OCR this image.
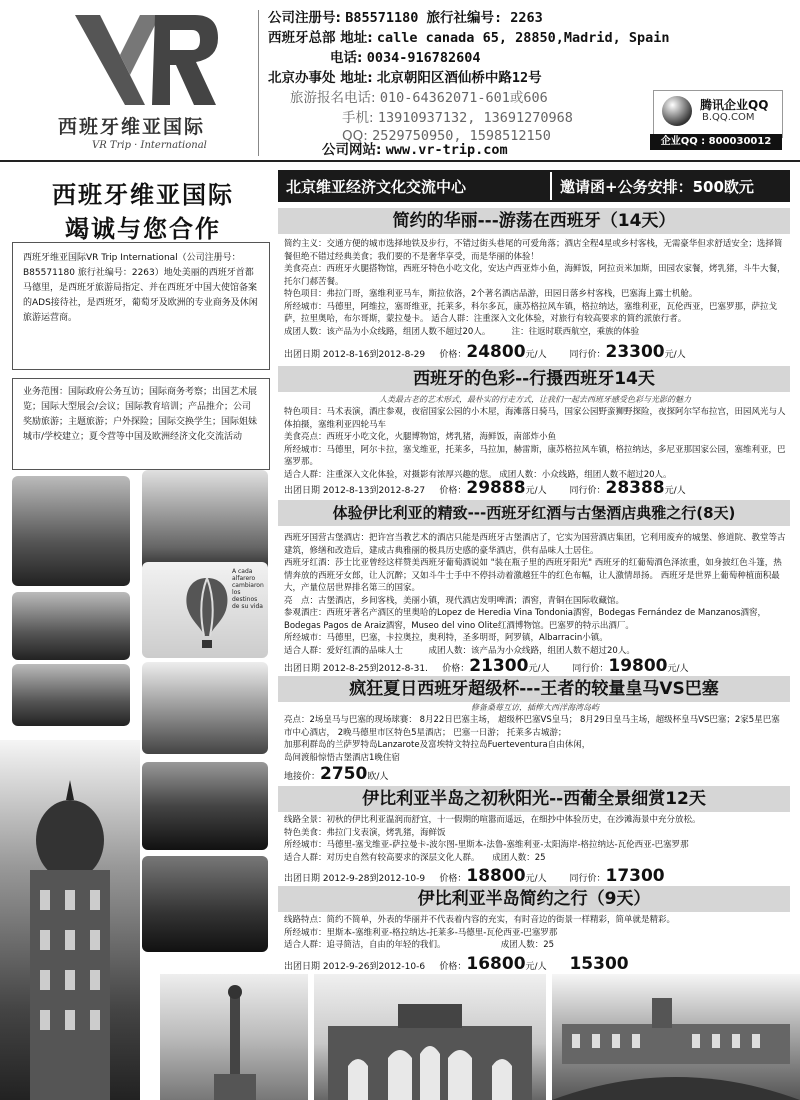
西班牙维亚国际
VR Trip · International
公司注册号: B85571180 旅行社编号: 2263
西班牙总部 地址: calle canada 65, 28850,Madrid, Spain
电话: 0034-916782604
北京办事处 地址: 北京朝阳区酒仙桥中路12号
旅游报名电话: 010-64362071-601或606
手机: 13910937132, 13691270968
QQ: 2529750950, 1598512150
公司网站: www.vr-trip.com
腾讯企业QQ
B.QQ.COM
企业QQ : 800030012
西班牙维亚国际
竭诚与您合作
西班牙维亚国际VR Trip International（公司注册号：B85571180 旅行社编号：2263）地处美丽的西班牙首都马德里，是西班牙旅游局指定、并在西班牙中国大使馆备案的ADS接待社，是西班牙，葡萄牙及欧洲的专业商务及休闲旅游运营商。
业务范围：国际政府公务互访；国际商务考察；出国艺术展览；国际大型展会/会议；国际教育培训；产品推介；公司奖励旅游；主题旅游；户外探险；国际交换学生；国际姐妹城市/学校建立；夏令营等中国及欧洲经济文化交流活动
A cada alfarero cambiaron los destinos de su vida
北京维亚经济文化交流中心	邀请函+公务安排：500欧元
简约的华丽---游荡在西班牙（14天）
简约主义：交通方便的城市选择地铁及步行，不错过街头巷尾的可爱角落；酒店全程4星或乡村客栈，无需豪华但求舒适安全；选择简餐但绝不错过经典美食；我们要的不是奢华享受，而是华丽的体验！
美食亮点：西班牙火腿搭物馆，西班牙特色小吃文化，安达卢西亚炸小鱼，海鲜饭，阿拉贡米加斯，田园农家餐，烤乳猪，斗牛大餐，托尔门郝苦餐。
特色项目：弗拉门哥，塞维利亚马车，斯拉依洛，2个著名酒店品游，田园日落乡村客栈，巴塞海上露士机舱。
所经城市：马德里，阿维拉，塞哥维亚，托莱多，科尔多瓦，康苏格拉风车镇，格拉纳达，塞维利亚，瓦伦西亚，巴塞罗那，萨拉戈萨，拉里奥哈，布尔哥斯，蒙拉曼卡。 适合人群：注重深入文化体验，对旅行有较高要求的简约派旅行者。
成团人数：该产品为小众线路，组团人数不超过20人。　　　注：往返时联西航空，乘族的体验
出团日期 2012-8-16到2012-8-29 价格：24800元/人	同行价：23300元/人
西班牙的色彩--行摄西班牙14天
人类最古老的艺术形式，最朴实的行走方式，让我们一起去西班牙感受色彩与光影的魅力
特色项目：马术表演，酒庄参观，夜宿国家公园的小木屋，海滩落日骑马，国家公园野蛮狮野探险，夜探阿尔罕布拉宫，田园风光与人体拍摄，塞维利亚四轮马车
美食亮点：西班牙小吃文化，火腿博物馆，烤乳猪，海鲜饭，南部炸小鱼
所经城市：马德里，阿尔卡拉，塞戈维亚，托莱多，马拉加，赫雷斯，康苏格拉风车镇，格拉纳达，多尼亚那国家公园，塞维利亚，巴塞罗那。
适合人群：注重深入文化体验，对摄影有浓厚兴趣的您。 成团人数：小众线路，组团人数不超过20人。
出团日期 2012-8-13到2012-8-27 价格：29888元/人	同行价：28388元/人
体验伊比利亚的精致---西班牙红酒与古堡酒店典雅之行(8天)
西班牙国营古堡酒店：把许宫当教艺术的酒店只能是西班牙古堡酒店了，它实为国营酒店集团，它利用废弃的城堡、修道院、教堂等古建筑，修缮和改造后，建成古典雅丽的极具历史感的豪华酒店，供有品味人士居住。
西班牙红酒：莎士比亚曾经这样赞美西班牙葡萄酒说如 "装在瓶子里的西班牙阳光" 西班牙的红葡萄酒色泽浓重，如身披红色斗篷，热情奔放的西班牙女郎，让人沉醉；又如斗牛士手中不停抖动着激越狂牛的红色布幅，让人激情昂扬。 西班牙是世界上葡萄种植面积最大，产量位居世界排名第三的国家。
亮　点：古堡酒店，乡间客栈，美丽小镇，现代酒店发明啤酒；酒窖，青铜在国际收藏馆。
参观酒庄：西班牙著名产酒区的里奥哈的Lopez de Heredia Vina Tondonia酒窖，Bodegas Fernández de Manzanos酒窖，Bodegas Pagos de Araiz酒窖，Museo del vino Olite红酒博物馆。巴塞罗的特示出酒厂。
所经城市：马德里，巴塞，卡拉奥拉，奥利特，圣多明哥，阿罗镇，Albarracin小镇。
适合人群：爱好红酒的品味人士　　　成团人数：该产品为小众线路，组团人数不超过20人。
出团日期 2012-8-25到2012-8-31. 价格：21300元/人	同行价：19800元/人
疯狂夏日西班牙超级杯---王者的较量皇马VS巴塞
修备桑莓互访，插桦大西洋海湾岛屿
亮点：2场皇马与巴塞的现场球赛： 8月22日巴塞主场， 超级杯巴塞VS皇马； 8月29日皇马主场，超级杯皇马VS巴塞；2家5星巴塞市中心酒店， 2晚马德里市区特色5星酒店； 巴塞一日游； 托莱多古城游；
加那利群岛的兰萨罗特岛Lanzarote及富埃特文特拉岛Fuerteventura自由休闲，
岛间渡船惊悟古堡酒店1晚住宿
地接价：2750欧/人
伊比利亚半岛之初秋阳光--西葡全景细赏12天
线路全景：初秋的伊比利亚温润而舒宜，十一假期的喧嚣而遥远，在细抄中体验历史，在沙滩海景中充分放松。
特色美食：弗拉门戈表演，烤乳猪，海鲜饭
所经城市：马德里-塞戈维亚-萨拉曼卡-波尔图-里斯本-法鲁-塞维利亚-太阳海岸-格拉纳达-瓦伦西亚-巴塞罗那
适合人群：对历史自然有较高要求的深层文化人群。　　成团人数：25
出团日期 2012-9-28到2012-10-9 价格：18800元/人	同行价：17300
伊比利亚半岛简约之行（9天）
线路特点：简约不简单，外表的华丽并不代表着内容的充实，有时音边的街景一样精彩，简单就是精彩。
所经城市：里斯本-塞维利亚-格拉纳达-托莱多-马德里-瓦伦西亚-巴塞罗那
适合人群：追寻简洁，自由的年轻的我们。　　　　　　　成团人数：25
出团日期 2012-9-26到2012-10-6 价格：16800元/人 15300
